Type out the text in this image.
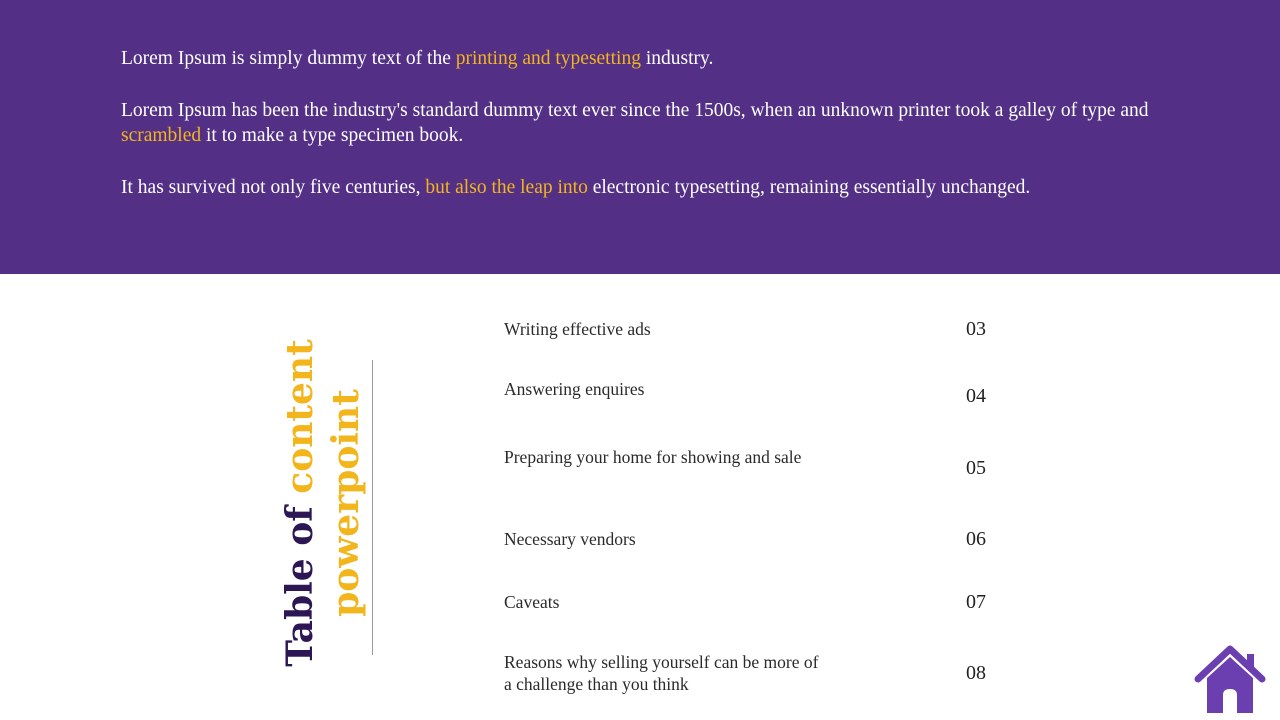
Lorem Ipsum is simply dummy text of the printing and typesetting industry.

Lorem Ipsum has been the industry's standard dummy text ever since the 1500s, when an unknown printer took a galley of type and scrambled it to make a type specimen book.

It has survived not only five centuries, but also the leap into electronic typesetting, remaining essentially unchanged.

Table of content powerpoint
Writing effective ads	03
Answering enquires	04
Preparing your home for showing and sale	05
Necessary vendors	06
Caveats	07
Reasons why selling yourself can be more of a challenge than you think	08
